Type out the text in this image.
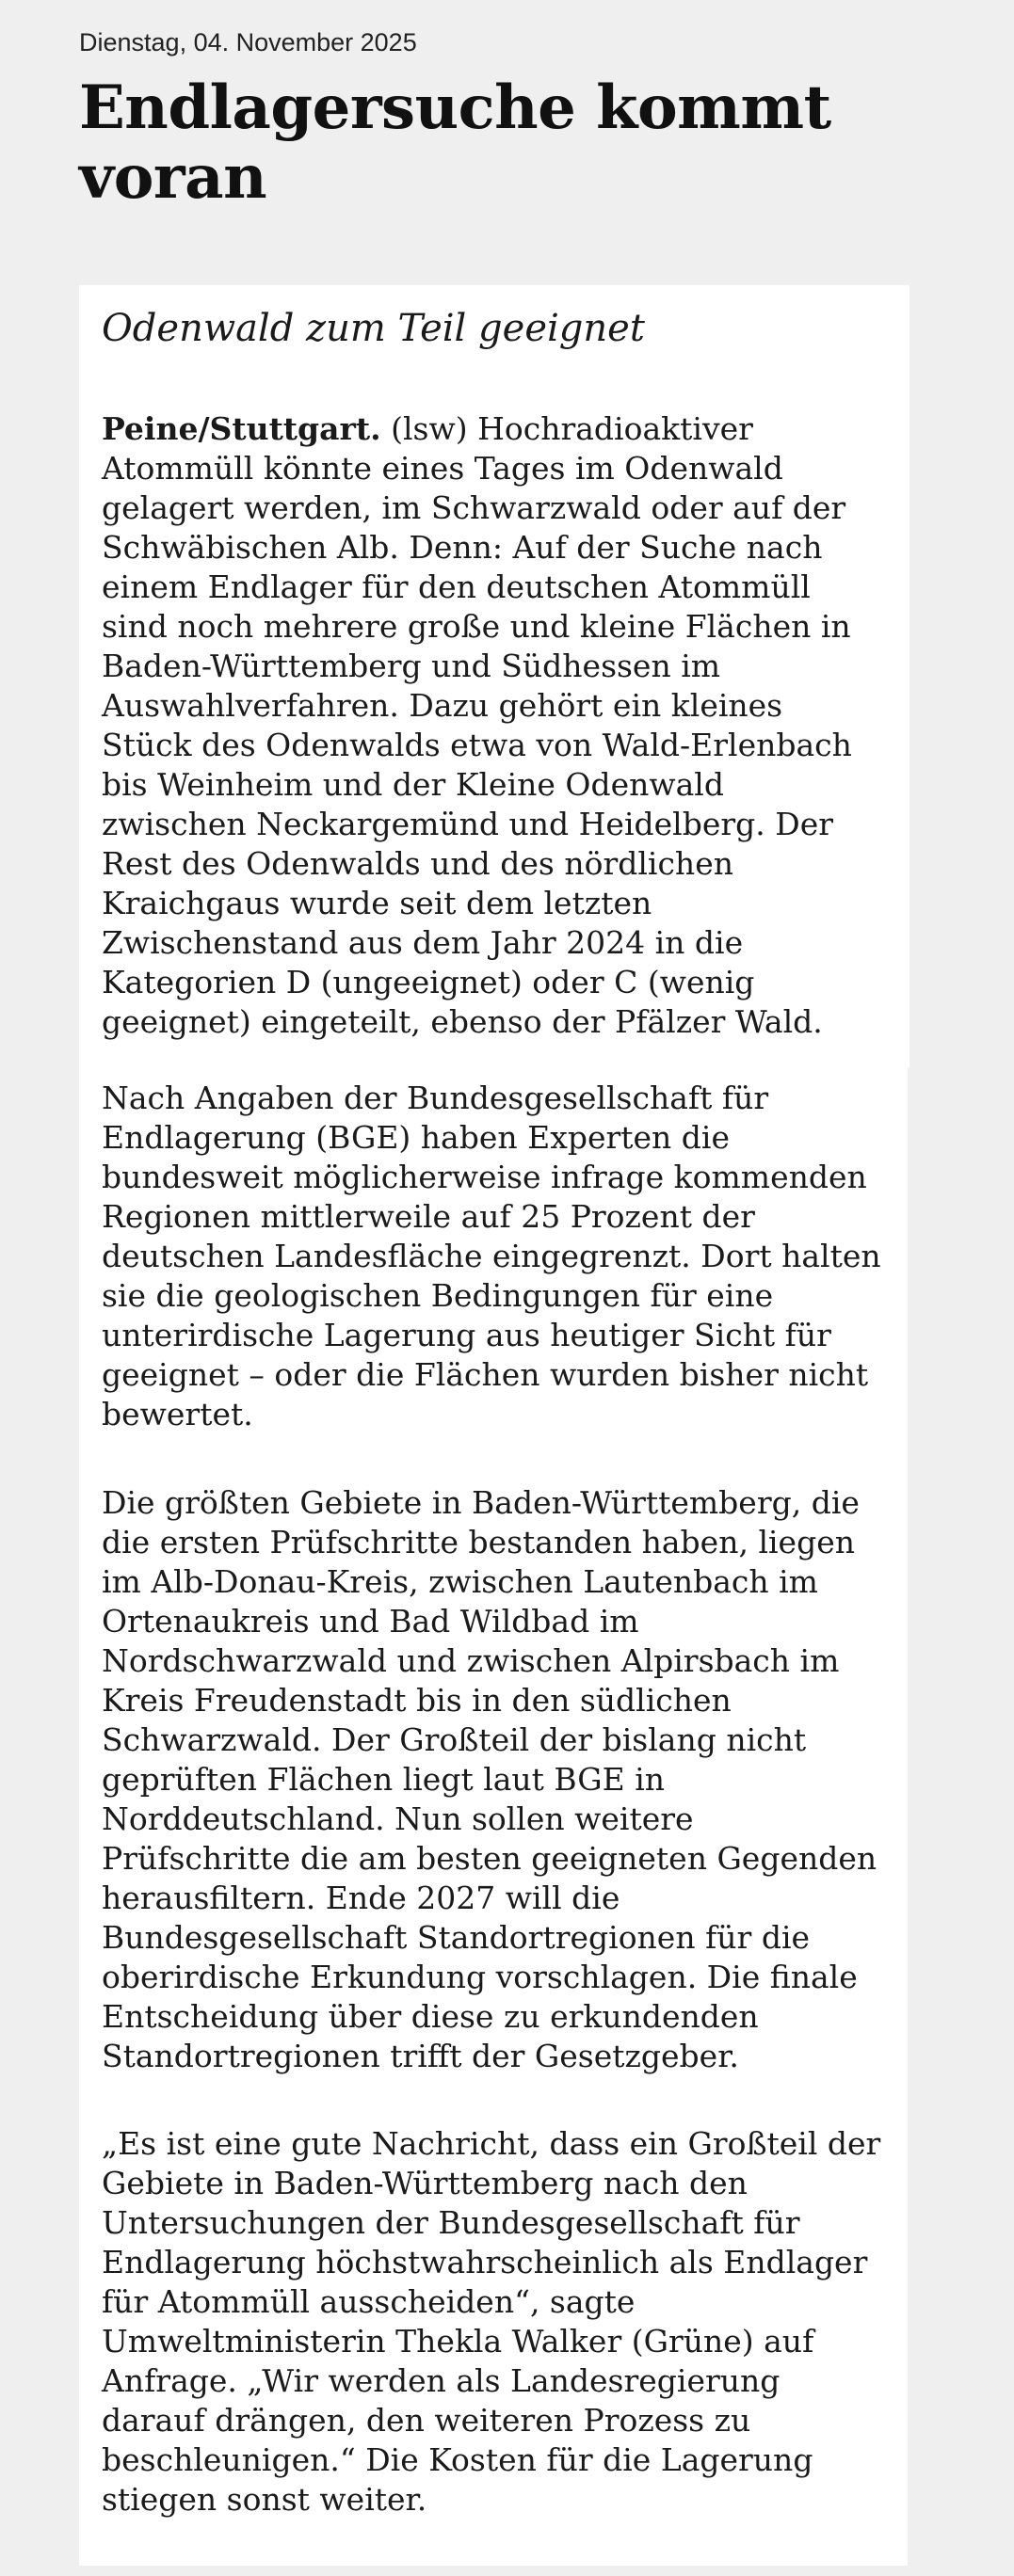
Dienstag, 04. November 2025
Endlagersuche kommt
voran
Odenwald zum Teil geeignet

Peine/Stuttgart. (lsw) Hochradioaktiver
Atommüll könnte eines Tages im Odenwald
gelagert werden, im Schwarzwald oder auf der
Schwäbischen Alb. Denn: Auf der Suche nach
einem Endlager für den deutschen Atommüll
sind noch mehrere große und kleine Flächen in
Baden-Württemberg und Südhessen im
Auswahlverfahren. Dazu gehört ein kleines
Stück des Odenwalds etwa von Wald-Erlenbach
bis Weinheim und der Kleine Odenwald
zwischen Neckargemünd und Heidelberg. Der
Rest des Odenwalds und des nördlichen
Kraichgaus wurde seit dem letzten
Zwischenstand aus dem Jahr 2024 in die
Kategorien D (ungeeignet) oder C (wenig
geeignet) eingeteilt, ebenso der Pfälzer Wald.

Nach Angaben der Bundesgesellschaft für
Endlagerung (BGE) haben Experten die
bundesweit möglicherweise infrage kommenden
Regionen mittlerweile auf 25 Prozent der
deutschen Landesfläche eingegrenzt. Dort halten
sie die geologischen Bedingungen für eine
unterirdische Lagerung aus heutiger Sicht für
geeignet – oder die Flächen wurden bisher nicht
bewertet.

Die größten Gebiete in Baden-Württemberg, die
die ersten Prüfschritte bestanden haben, liegen
im Alb-Donau-Kreis, zwischen Lautenbach im
Ortenaukreis und Bad Wildbad im
Nordschwarzwald und zwischen Alpirsbach im
Kreis Freudenstadt bis in den südlichen
Schwarzwald. Der Großteil der bislang nicht
geprüften Flächen liegt laut BGE in
Norddeutschland. Nun sollen weitere
Prüfschritte die am besten geeigneten Gegenden
herausfiltern. Ende 2027 will die
Bundesgesellschaft Standortregionen für die
oberirdische Erkundung vorschlagen. Die finale
Entscheidung über diese zu erkundenden
Standortregionen trifft der Gesetzgeber.

„Es ist eine gute Nachricht, dass ein Großteil der
Gebiete in Baden-Württemberg nach den
Untersuchungen der Bundesgesellschaft für
Endlagerung höchstwahrscheinlich als Endlager
für Atommüll ausscheiden“, sagte
Umweltministerin Thekla Walker (Grüne) auf
Anfrage. „Wir werden als Landesregierung
darauf drängen, den weiteren Prozess zu
beschleunigen.“ Die Kosten für die Lagerung
stiegen sonst weiter.
